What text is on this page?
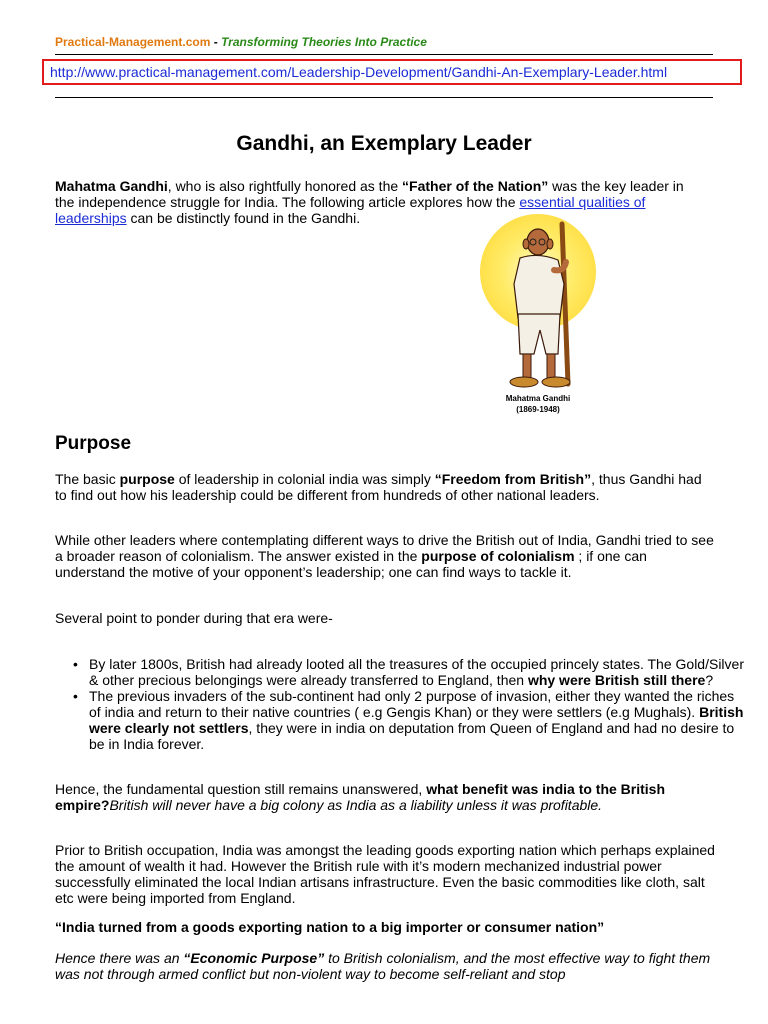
Practical-Management.com - Transforming Theories Into Practice
http://www.practical-management.com/Leadership-Development/Gandhi-An-Exemplary-Leader.html
Gandhi, an Exemplary Leader
Mahatma Gandhi, who is also rightfully honored as the “Father of the Nation” was the key leader in the independence struggle for India. The following article explores how the essential qualities of leaderships can be distinctly found in the Gandhi.
Mahatma Gandhi
(1869-1948)
Purpose
The basic purpose of leadership in colonial india was simply “Freedom from British”, thus Gandhi had to find out how his leadership could be different from hundreds of other national leaders.
While other leaders where contemplating different ways to drive the British out of India, Gandhi tried to see a broader reason of colonialism. The answer existed in the purpose of colonialism ; if one can understand the motive of your opponent’s leadership; one can find ways to tackle it.
Several point to ponder during that era were-
• By later 1800s, British had already looted all the treasures of the occupied princely states. The Gold/Silver & other precious belongings were already transferred to England, then why were British still there?
• The previous invaders of the sub-continent had only 2 purpose of invasion, either they wanted the riches of india and return to their native countries ( e.g Gengis Khan) or they were settlers (e.g Mughals). British were clearly not settlers, they were in india on deputation from Queen of England and had no desire to be in India forever.
Hence, the fundamental question still remains unanswered, what benefit was india to the British empire?British will never have a big colony as India as a liability unless it was profitable.
Prior to British occupation, India was amongst the leading goods exporting nation which perhaps explained the amount of wealth it had. However the British rule with it’s modern mechanized industrial power successfully eliminated the local Indian artisans infrastructure. Even the basic commodities like cloth, salt etc were being imported from England.
“India turned from a goods exporting nation to a big importer or consumer nation”
Hence there was an “Economic Purpose” to British colonialism, and the most effective way to fight them was not through armed conflict but non-violent way to become self-reliant and stop
